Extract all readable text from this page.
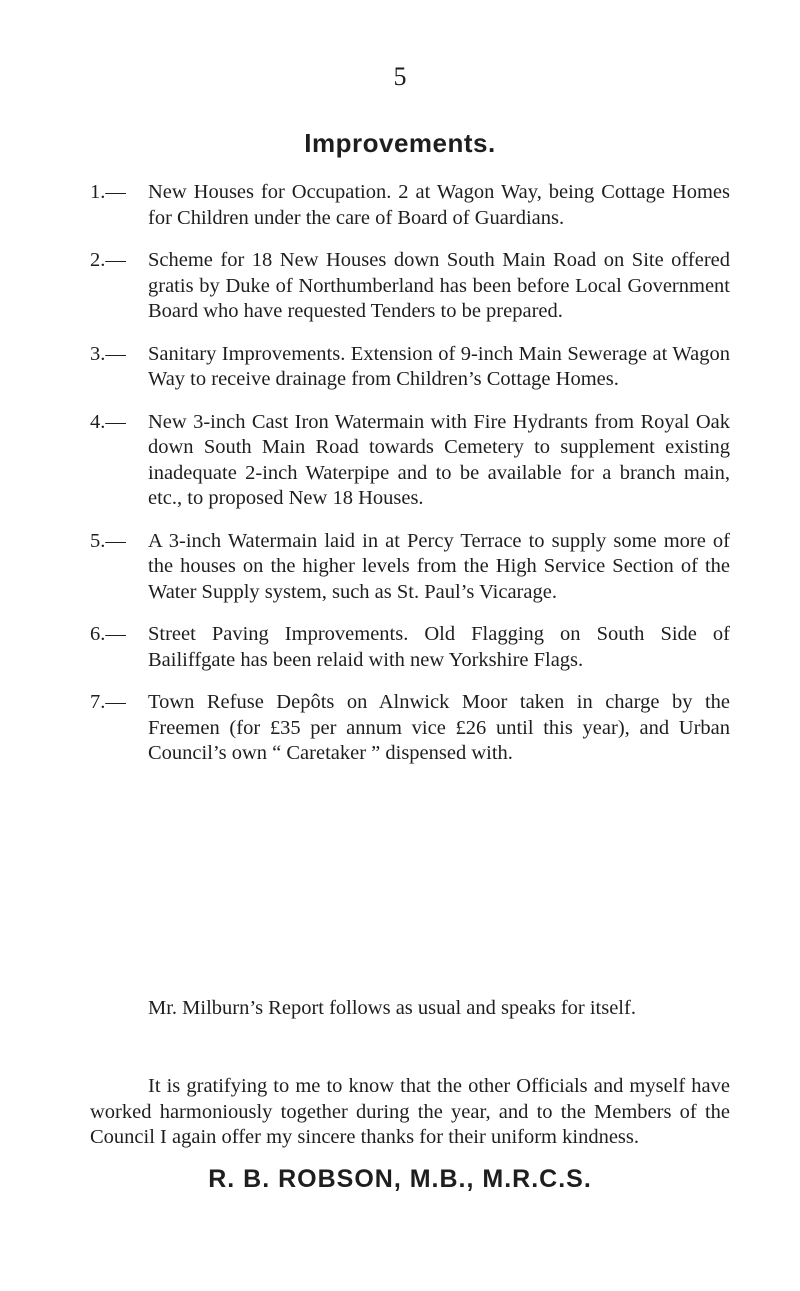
5
Improvements.
1.— New Houses for Occupation. 2 at Wagon Way, being Cottage Homes for Children under the care of Board of Guardians.
2.— Scheme for 18 New Houses down South Main Road on Site offered gratis by Duke of Northumberland has been before Local Government Board who have requested Tenders to be prepared.
3.— Sanitary Improvements. Extension of 9-inch Main Sewerage at Wagon Way to receive drainage from Children’s Cottage Homes.
4.— New 3-inch Cast Iron Watermain with Fire Hydrants from Royal Oak down South Main Road towards Cemetery to supplement existing inadequate 2-inch Waterpipe and to be available for a branch main, etc., to proposed New 18 Houses.
5.— A 3-inch Watermain laid in at Percy Terrace to supply some more of the houses on the higher levels from the High Service Section of the Water Supply system, such as St. Paul’s Vicarage.
6.— Street Paving Improvements. Old Flagging on South Side of Bailiffgate has been relaid with new Yorkshire Flags.
7.— Town Refuse Depôts on Alnwick Moor taken in charge by the Freemen (for £35 per annum vice £26 until this year), and Urban Council’s own “ Caretaker ” dispensed with.

Mr. Milburn’s Report follows as usual and speaks for itself.

It is gratifying to me to know that the other Officials and myself have worked harmoniously together during the year, and to the Members of the Council I again offer my sincere thanks for their uniform kindness.

R. B. ROBSON, M.B., M.R.C.S.
